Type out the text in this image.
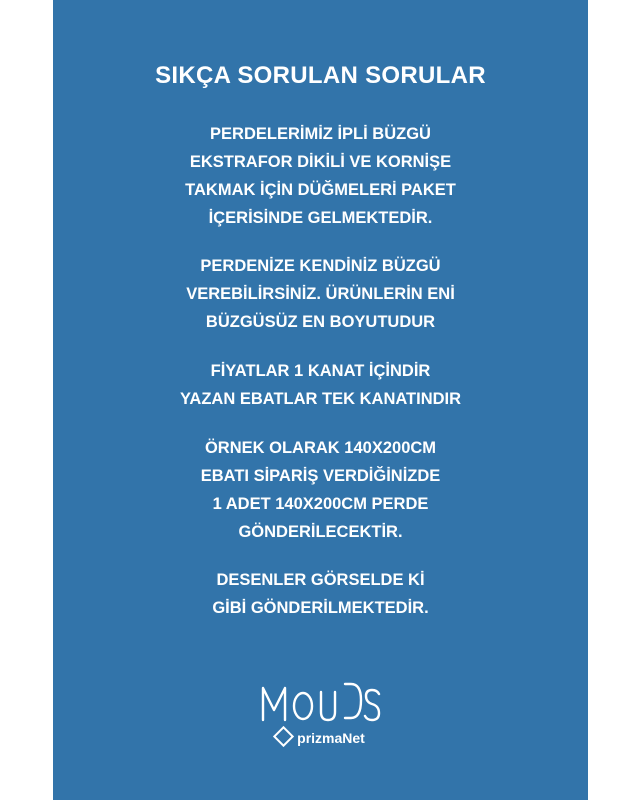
SIKÇA SORULAN SORULAR
PERDELERİMİZ İPLİ BÜZGÜ
EKSTRAFOR DİKİLİ VE KORNİŞE
TAKMAK İÇİN DÜĞMELERİ PAKET
İÇERİSİNDE GELMEKTEDİR.
PERDENİZE KENDİNİZ BÜZGÜ
VEREBİLİRSİNİZ. ÜRÜNLERİN ENİ
BÜZGÜSÜZ EN BOYUTUDUR
FİYATLAR 1 KANAT İÇİNDİR
YAZAN EBATLAR TEK KANATINDIR
ÖRNEK OLARAK 140X200CM
EBATI SİPARİŞ VERDİĞİNİZDE
1 ADET 140X200CM PERDE
GÖNDERİLECEKTİR.
DESENLER GÖRSELDE Kİ
GİBİ GÖNDERİLMEKTEDİR.
prizmaNet
